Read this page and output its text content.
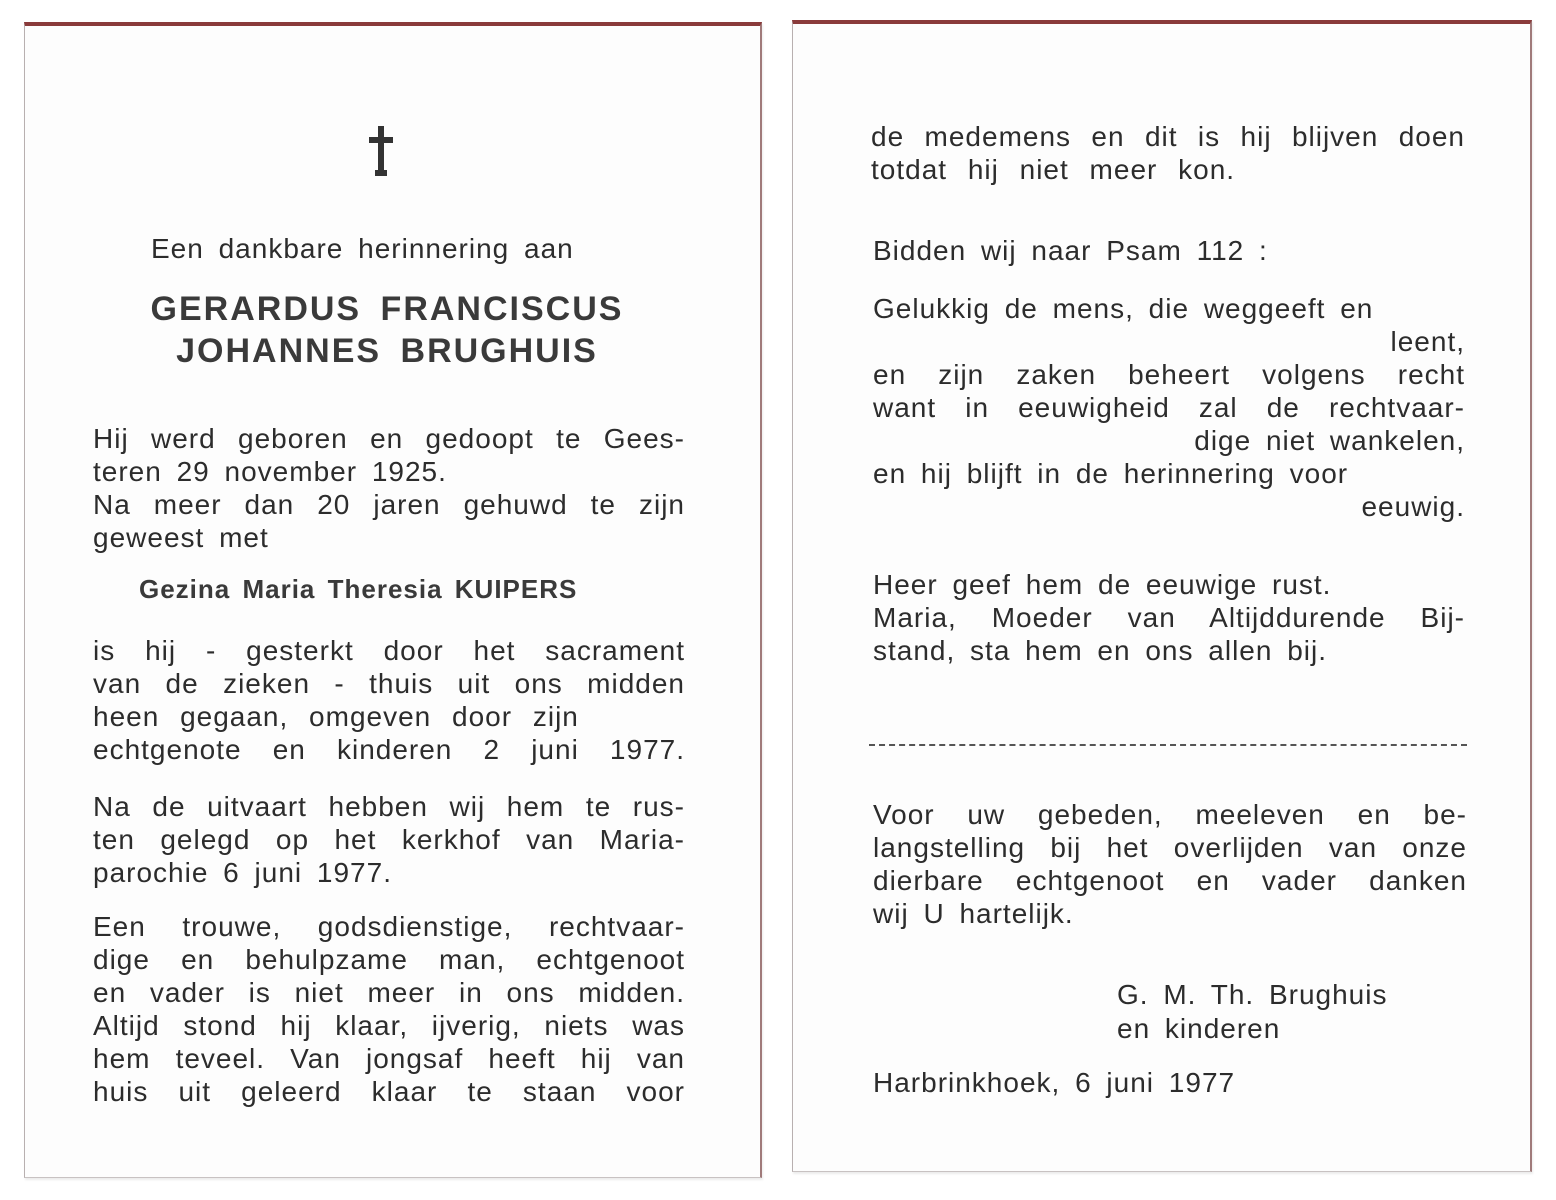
Een dankbare herinnering aan
GERARDUS FRANCISCUS
JOHANNES BRUGHUIS
Hij werd geboren en gedoopt te Gees-
teren 29 november 1925.
Na meer dan 20 jaren gehuwd te zijn
geweest met
Gezina Maria Theresia KUIPERS
is hij - gesterkt door het sacrament
van de zieken - thuis uit ons midden
heen gegaan, omgeven door zijn
echtgenote en kinderen 2 juni 1977.
Na de uitvaart hebben wij hem te rus-
ten gelegd op het kerkhof van Maria-
parochie 6 juni 1977.
Een trouwe, godsdienstige, rechtvaar-
dige en behulpzame man, echtgenoot
en vader is niet meer in ons midden.
Altijd stond hij klaar, ijverig, niets was
hem teveel. Van jongsaf heeft hij van
huis uit geleerd klaar te staan voor
de medemens en dit is hij blijven doen
totdat hij niet meer kon.
Bidden wij naar Psam 112 :
Gelukkig de mens, die weggeeft en
leent,
en zijn zaken beheert volgens recht
want in eeuwigheid zal de rechtvaar-
dige niet wankelen,
en hij blijft in de herinnering voor
eeuwig.
Heer geef hem de eeuwige rust.
Maria, Moeder van Altijddurende Bij-
stand, sta hem en ons allen bij.
Voor uw gebeden, meeleven en be-
langstelling bij het overlijden van onze
dierbare echtgenoot en vader danken
wij U hartelijk.
G. M. Th. Brughuis
en kinderen
Harbrinkhoek, 6 juni 1977
